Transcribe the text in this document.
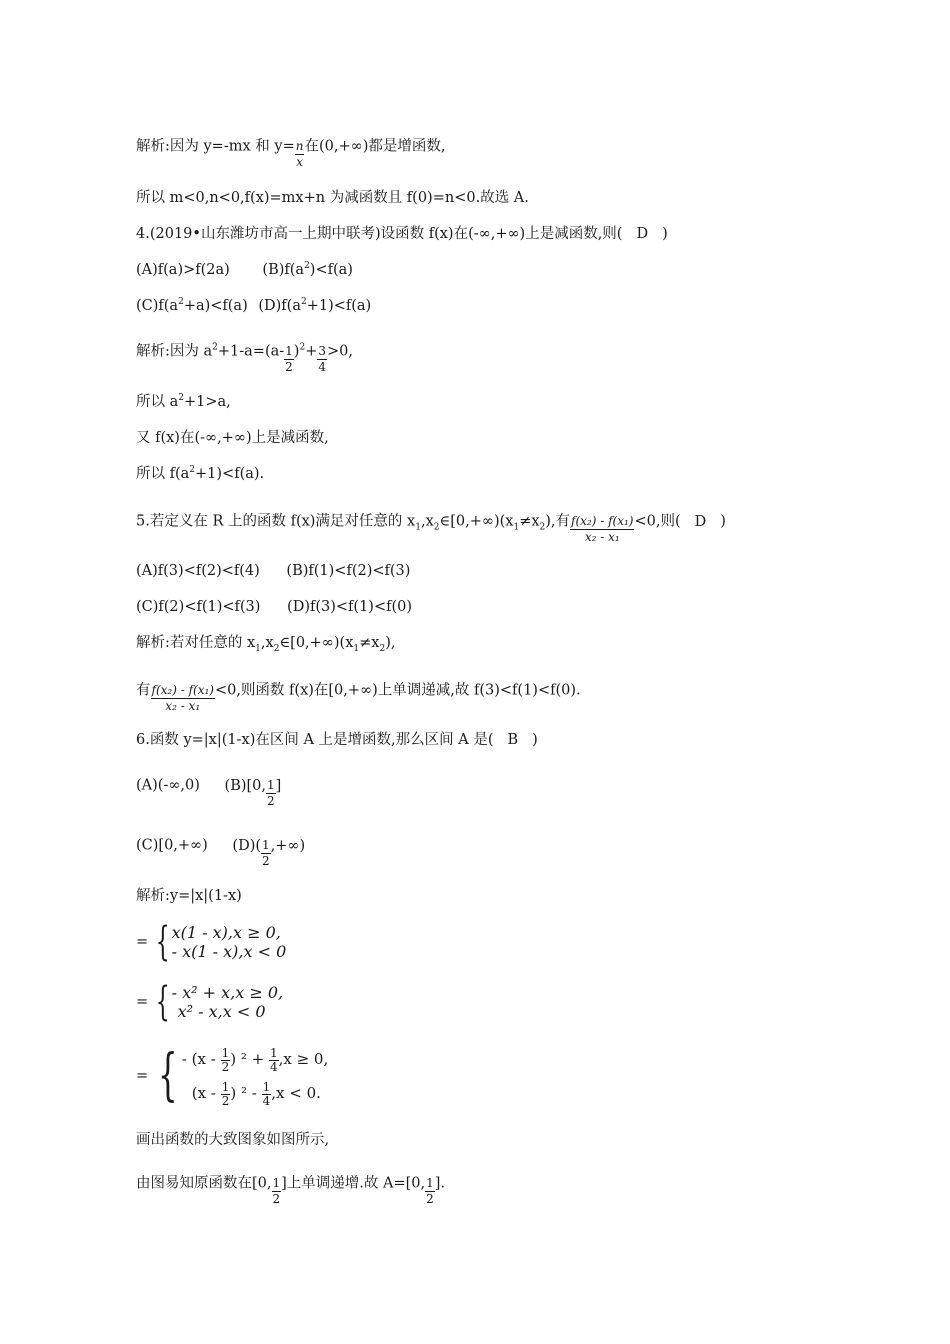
解析:因为 y=-mx 和 $y= \frac{n}{x}$ 在(0,+∞)都是增函数,
所以 m<0,n<0,f(x)=mx+n 为减函数且 f(0)=n<0.故选 A.
4.(2019•山东潍坊市高一上期中联考)设函数 f(x)在(-∞,+∞)上是减函数,则( D )
(A)f(a)>f(2a) $(B)f(a^2)<f(a)$
$(C)f(a^2+a)<f(a)$ $(D)f(a^2+1)<f(a)$
解析:因为 $a^2+1-a=(a- \frac{1}{2} )^2+ \frac{3}{4} >0$,
所以 $a^2+1>a$,
又 f(x)在(-∞,+∞)上是减函数,
所以 $f(a^2+1)<f(a)$.
5.若定义在 R 上的函数 f(x)满足对任意的 $x_1,x_2\in[0,+\infty)(x_1\ne x_2)$,有 $\frac{\text{f(x₂) - f(x₁)}}{\text{x₂ - x₁}} <0$,则( D )
(A)f(3)<f(2)<f(4) (B)f(1)<f(2)<f(3)
(C)f(2)<f(1)<f(3) (D)f(3)<f(1)<f(0)
解析:若对任意的 $x_1,x_2\in[0,+\infty)(x_1\ne x_2)$,
有 $\frac{\text{f(x₂) - f(x₁)}}{\text{x₂ - x₁}} <0$,则函数 f(x)在[0,+∞)上单调递减,故 f(3)<f(1)<f(0).
6.函数 y=|x|(1-x)在区间 A 上是增函数,那么区间 A 是( B )
(A)(-∞,0) (B)[0, $\frac{1}{2}$ ]
(C)[0,+∞) $(D)( \frac{1}{2}$ ,+∞)
解析:y=|x|(1-x)
= { x(1 - x),x ≥ 0,
- x(1 - x),x < 0
= { - x² + x,x ≥ 0,
x² - x,x < 0
= { - ($x - \frac{1}{2}$ ) $^2 + \frac{1}{4} ,x \ge 0$,
($x - \frac{1}{2}$ ) $^2 - \frac{1}{4} ,x < 0$.
画出函数的大致图象如图所示,
由图易知原函数在[0, $\frac{1}{2}$ ]上单调递增.故 A=[0, $\frac{1}{2}$ ].
